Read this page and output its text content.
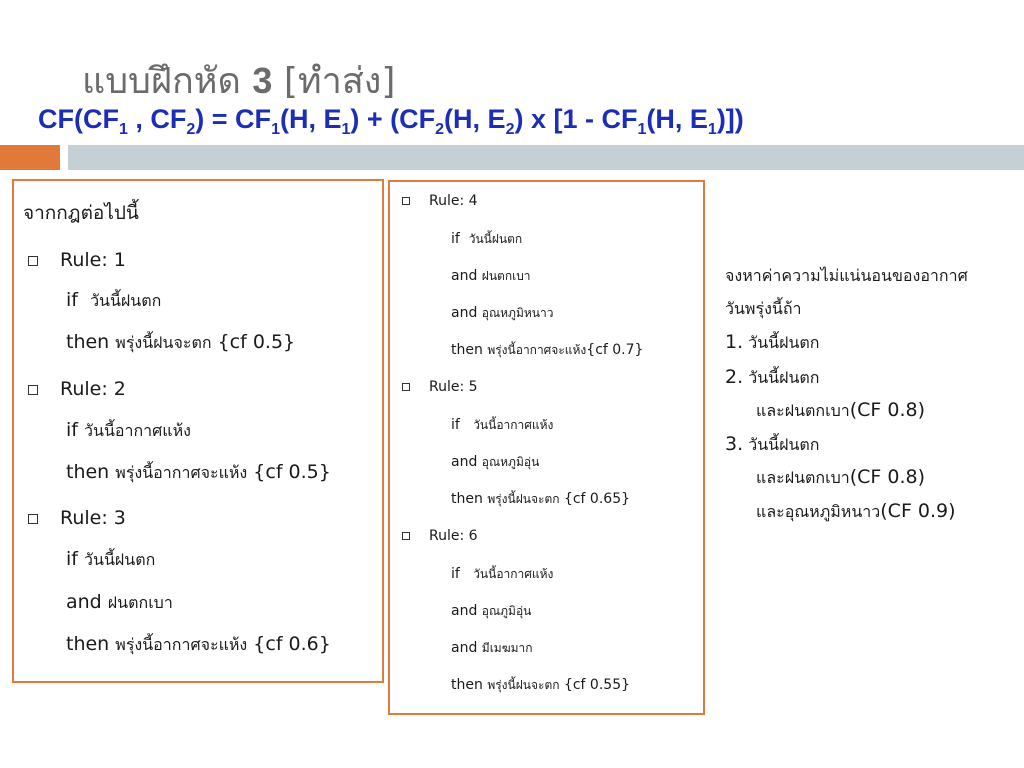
แบบฝึกหัด 3 [ทำส่ง]
$CF(CF_1$ , $CF_2) = CF_1(H$, $E_1) + (CF_2(H$, $E_2$) x [$1 - CF_1(H$, $E_1$)])
จากกฎต่อไปนี้
Rule: 1
if วันนี้ฝนตก
then พรุ่งนี้ฝนจะตก {cf 0.5}
Rule: 2
if วันนี้อากาศแห้ง
then พรุ่งนี้อากาศจะแห้ง {cf 0.5}
Rule: 3
if วันนี้ฝนตก
and ฝนตกเบา
then พรุ่งนี้อากาศจะแห้ง {cf 0.6}
Rule: 4
if วันนี้ฝนตก
and ฝนตกเบา
and อุณหภูมิหนาว
then พรุ่งนี้อากาศจะแห้ง{cf 0.7}
Rule: 5
if วันนี้อากาศแห้ง
and อุณหภูมิอุ่น
then พรุ่งนี้ฝนจะตก {cf 0.65}
Rule: 6
if วันนี้อากาศแห้ง
and อุณภูมิอุ่น
and มีเมฆมาก
then พรุ่งนี้ฝนจะตก {cf 0.55}
จงหาค่าความไม่แน่นอนของอากาศ
วันพรุ่งนี้ถ้า
1. วันนี้ฝนตก
2. วันนี้ฝนตก
และฝนตกเบา(CF 0.8)
3. วันนี้ฝนตก
และฝนตกเบา(CF 0.8)
และอุณหภูมิหนาว(CF 0.9)
